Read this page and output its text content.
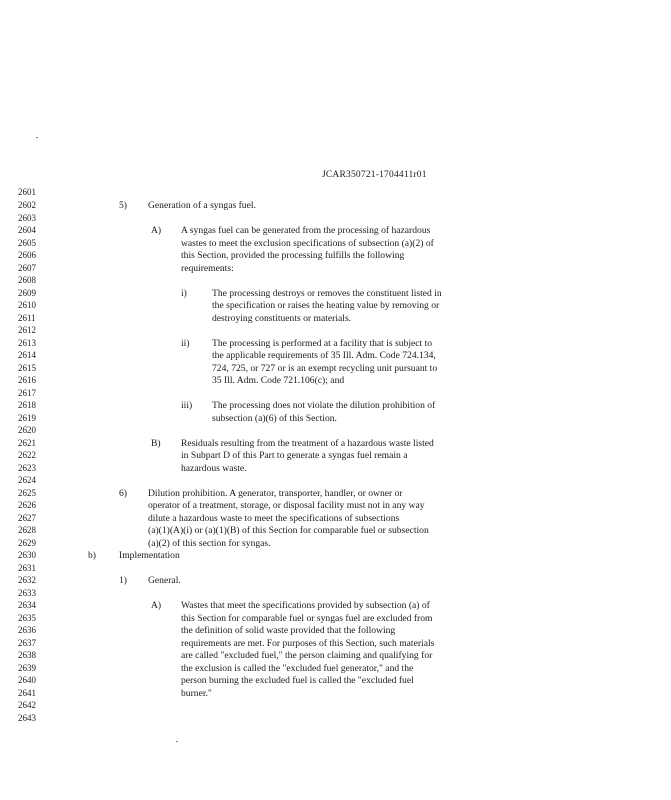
JCAR350721-1704411r01
2601
2602
2603
2604
2605
2606
2607
2608
2609
2610
2611
2612
2613
2614
2615
2616
2617
2618
2619
2620
2621
2622
2623
2624
2625
2626
2627
2628
2629
2630
2631
2632
2633
2634
2635
2636
2637
2638
2639
2640
2641
2642
2643
5) Generation of a syngas fuel.
A) A syngas fuel can be generated from the processing of hazardous
wastes to meet the exclusion specifications of subsection (a)(2) of
this Section, provided the processing fulfills the following
requirements:
i)	The processing destroys or removes the constituent listed in
the specification or raises the heating value by removing or
destroying constituents or materials.
ii) The processing is performed at a facility that is subject to
the applicable requirements of 35 Ill. Adm. Code 724.134,
724, 725, or 727 or is an exempt recycling unit pursuant to
35 Ill. Adm. Code 721.106(c); and
iii) The processing does not violate the dilution prohibition of
subsection (a)(6) of this Section.
B) Residuals resulting from the treatment of a hazardous waste listed
in Subpart D of this Part to generate a syngas fuel remain a
hazardous waste.
6) Dilution prohibition. A generator, transporter, handler, or owner or
operator of a treatment, storage, or disposal facility must not in any way
dilute a hazardous waste to meet the specifications of subsections
(a)(1)(A)(i) or (a)(1)(B) of this Section for comparable fuel or subsection
(a)(2) of this section for syngas.
b) Implementation
1) General.
A) Wastes that meet the specifications provided by subsection (a) of
this Section for comparable fuel or syngas fuel are excluded from
the definition of solid waste provided that the following
requirements are met. For purposes of this Section, such materials
are called "excluded fuel," the person claiming and qualifying for
the exclusion is called the "excluded fuel generator," and the
person burning the excluded fuel is called the "excluded fuel
burner."
